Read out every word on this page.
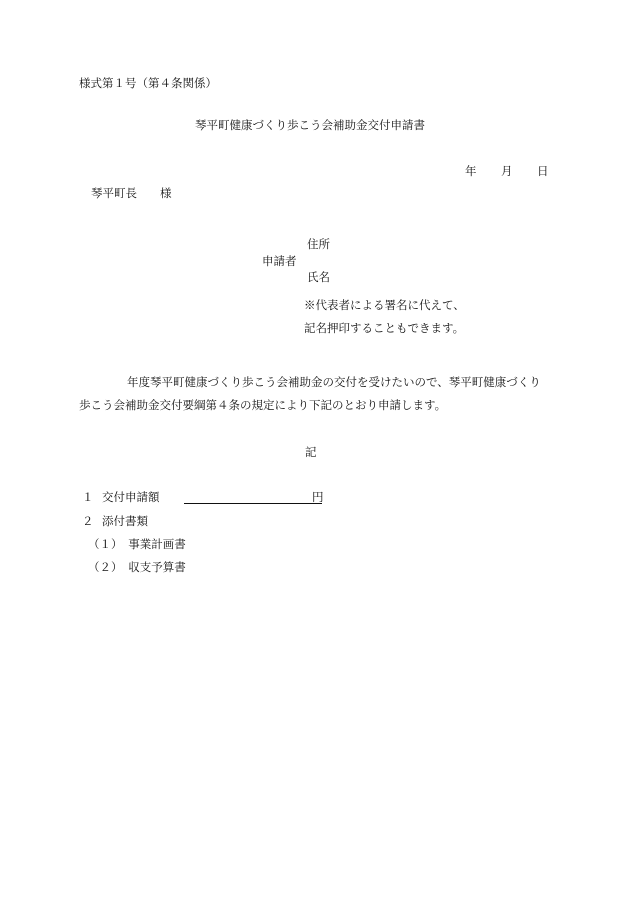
様式第１号（第４条関係）
琴平町健康づくり歩こう会補助金交付申請書
年 月 日
琴平町長　　様
住所
申請者
氏名
※代表者による署名に代えて、
記名押印することもできます。
年度琴平町健康づくり歩こう会補助金の交付を受けたいので、琴平町健康づくり
歩こう会補助金交付要綱第４条の規定により下記のとおり申請します。
記
１ 交付申請額	円
２ 添付書類
（１）　事業計画書
（２）　収支予算書
